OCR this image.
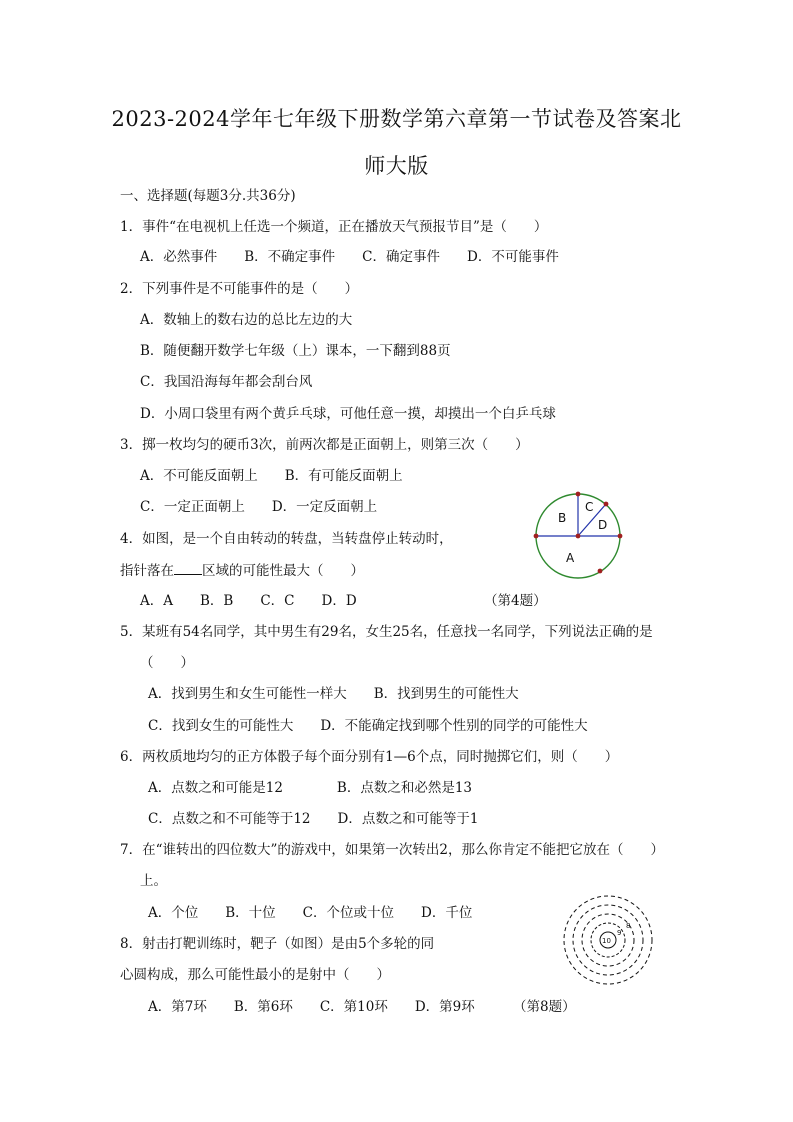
2023-2024学年七年级下册数学第六章第一节试卷及答案北
师大版
一、选择题(每题3分.共36分)
1．事件“在电视机上任选一个频道，正在播放天气预报节目”是（　　）
A．必然事件　　B．不确定事件　　C．确定事件　　D．不可能事件
2．下列事件是不可能事件的是（　　）
A．数轴上的数右边的总比左边的大
B．随便翻开数学七年级（上）课本，一下翻到88页
C．我国沿海每年都会刮台风
D．小周口袋里有两个黄乒乓球，可他任意一摸，却摸出一个白乒乓球
3．掷一枚均匀的硬币3次，前两次都是正面朝上，则第三次（　　）
A．不可能反面朝上　　B．有可能反面朝上
C．一定正面朝上　　D．一定反面朝上
4．如图，是一个自由转动的转盘，当转盘停止转动时，
指针落在 区域的可能性最大（　　）
A．A　　B．B　　C．C　　D．D	（第4题）
B
C
D
A
5．某班有54名同学，其中男生有29名，女生25名，任意找一名同学，下列说法正确的是
（　　）
A．找到男生和女生可能性一样大　　B．找到男生的可能性大
C．找到女生的可能性大　　D．不能确定找到哪个性别的同学的可能性大
6．两枚质地均匀的正方体骰子每个面分别有1—6个点，同时抛掷它们，则（　　）
A．点数之和可能是12　　　　B．点数之和必然是13
C．点数之和不可能等于12　　D．点数之和可能等于1
7．在“谁转出的四位数大”的游戏中，如果第一次转出2，那么你肯定不能把它放在（　　）
上。
A．个位　　B．十位　　C．个位或十位　　D．千位
10
9
8
8．射击打靶训练时，靶子（如图）是由5个多轮的同
心圆构成，那么可能性最小的是射中（　　）
A．第7环　　B．第6环　　C．第10环　　D．第9环	（第8题）
